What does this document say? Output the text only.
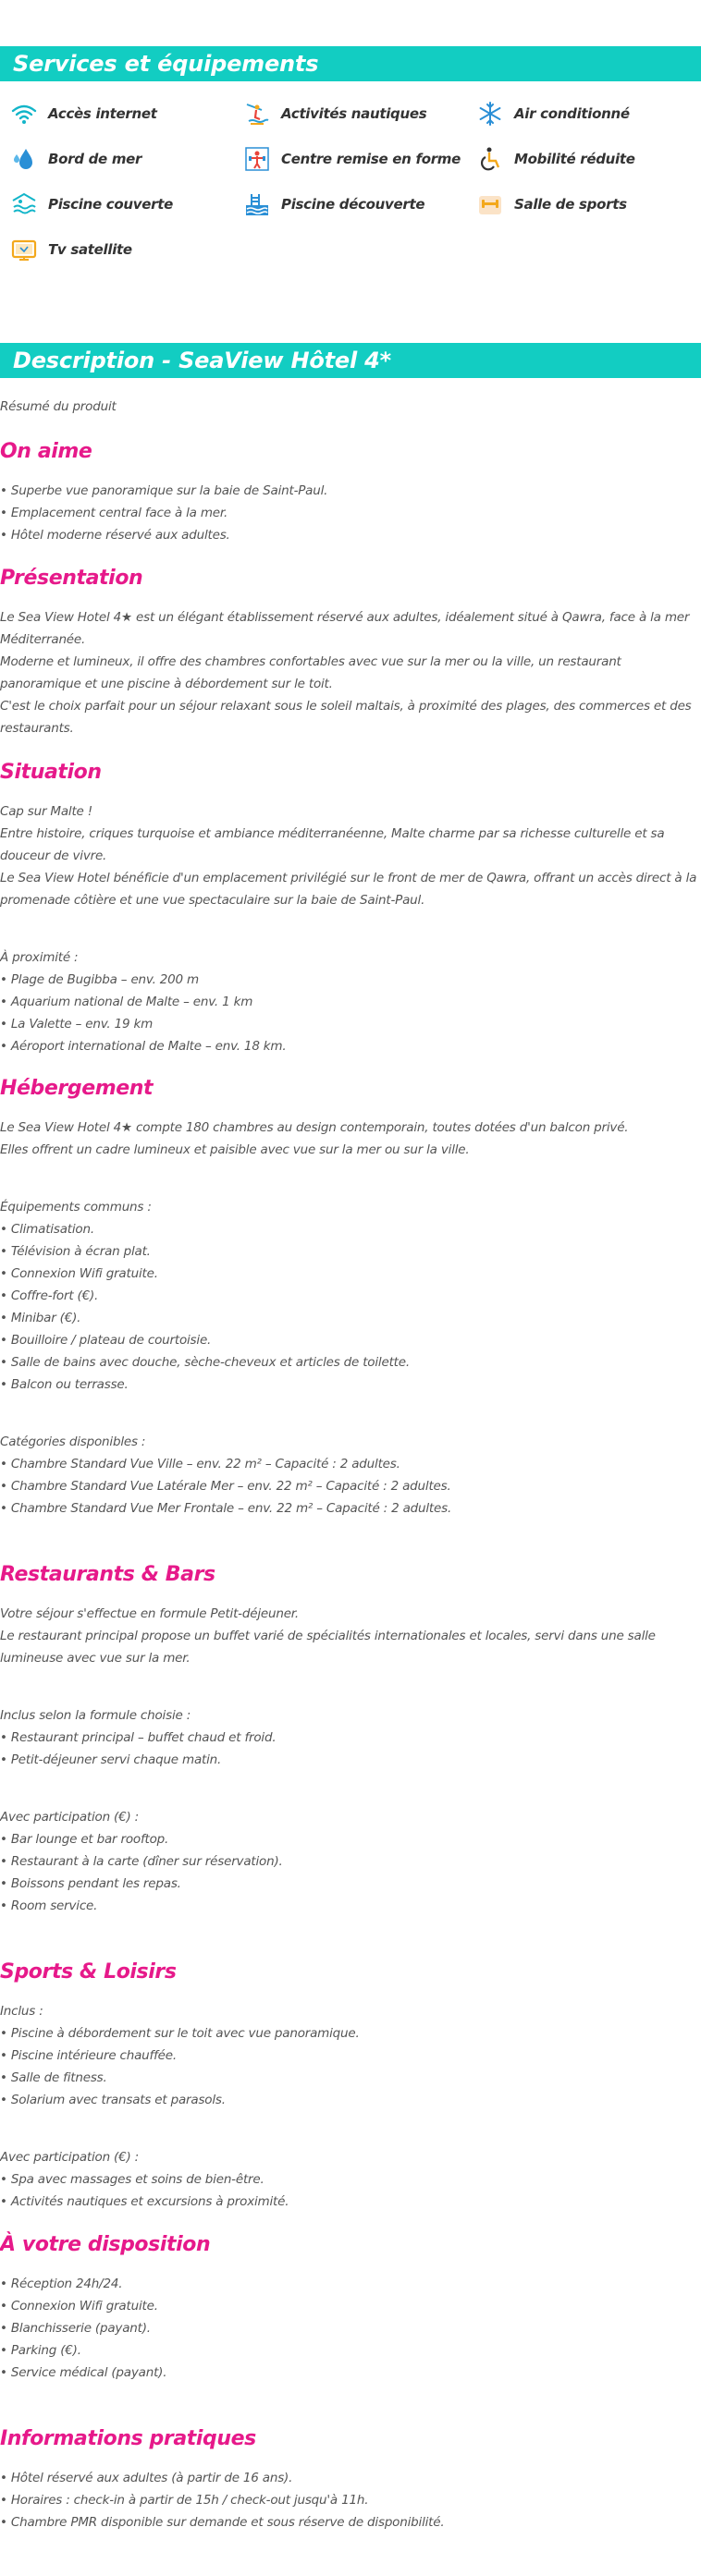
Services et équipements
Accès internet	Activités nautiques	Air conditionné
Bord de mer	Centre remise en forme	Mobilité réduite
Piscine couverte	Piscine découverte	Salle de sports
Tv satellite
Description - SeaView Hôtel 4*
Résumé du produit
On aime
• Superbe vue panoramique sur la baie de Saint-Paul.
• Emplacement central face à la mer.
• Hôtel moderne réservé aux adultes.
Présentation

Le Sea View Hotel 4★ est un élégant établissement réservé aux adultes, idéalement situé à Qawra, face à la mer Méditerranée.
Moderne et lumineux, il offre des chambres confortables avec vue sur la mer ou la ville, un restaurant panoramique et une piscine à débordement sur le toit.
C'est le choix parfait pour un séjour relaxant sous le soleil maltais, à proximité des plages, des commerces et des restaurants.

Situation

Cap sur Malte !
Entre histoire, criques turquoise et ambiance méditerranéenne, Malte charme par sa richesse culturelle et sa douceur de vivre.
Le Sea View Hotel bénéficie d'un emplacement privilégié sur le front de mer de Qawra, offrant un accès direct à la promenade côtière et une vue spectaculaire sur la baie de Saint-Paul.

À proximité :
• Plage de Bugibba – env. 200 m
• Aquarium national de Malte – env. 1 km
• La Valette – env. 19 km
• Aéroport international de Malte – env. 18 km.
Hébergement

Le Sea View Hotel 4★ compte 180 chambres au design contemporain, toutes dotées d'un balcon privé.
Elles offrent un cadre lumineux et paisible avec vue sur la mer ou sur la ville.

Équipements communs :
• Climatisation.
• Télévision à écran plat.
• Connexion Wifi gratuite.
• Coffre-fort (€).
• Minibar (€).
• Bouilloire / plateau de courtoisie.
• Salle de bains avec douche, sèche-cheveux et articles de toilette.
• Balcon ou terrasse.
Catégories disponibles :
• Chambre Standard Vue Ville – env. 22 m² – Capacité : 2 adultes.
• Chambre Standard Vue Latérale Mer – env. 22 m² – Capacité : 2 adultes.
• Chambre Standard Vue Mer Frontale – env. 22 m² – Capacité : 2 adultes.
Restaurants & Bars

Votre séjour s'effectue en formule Petit-déjeuner.
Le restaurant principal propose un buffet varié de spécialités internationales et locales, servi dans une salle lumineuse avec vue sur la mer.

Inclus selon la formule choisie :
• Restaurant principal – buffet chaud et froid.
• Petit-déjeuner servi chaque matin.
Avec participation (€) :
• Bar lounge et bar rooftop.
• Restaurant à la carte (dîner sur réservation).
• Boissons pendant les repas.
• Room service.
Sports & Loisirs
Inclus :
• Piscine à débordement sur le toit avec vue panoramique.
• Piscine intérieure chauffée.
• Salle de fitness.
• Solarium avec transats et parasols.
Avec participation (€) :
• Spa avec massages et soins de bien-être.
• Activités nautiques et excursions à proximité.
À votre disposition
• Réception 24h/24.
• Connexion Wifi gratuite.
• Blanchisserie (payant).
• Parking (€).
• Service médical (payant).
Informations pratiques
• Hôtel réservé aux adultes (à partir de 16 ans).
• Horaires : check-in à partir de 15h / check-out jusqu'à 11h.
• Chambre PMR disponible sur demande et sous réserve de disponibilité.
